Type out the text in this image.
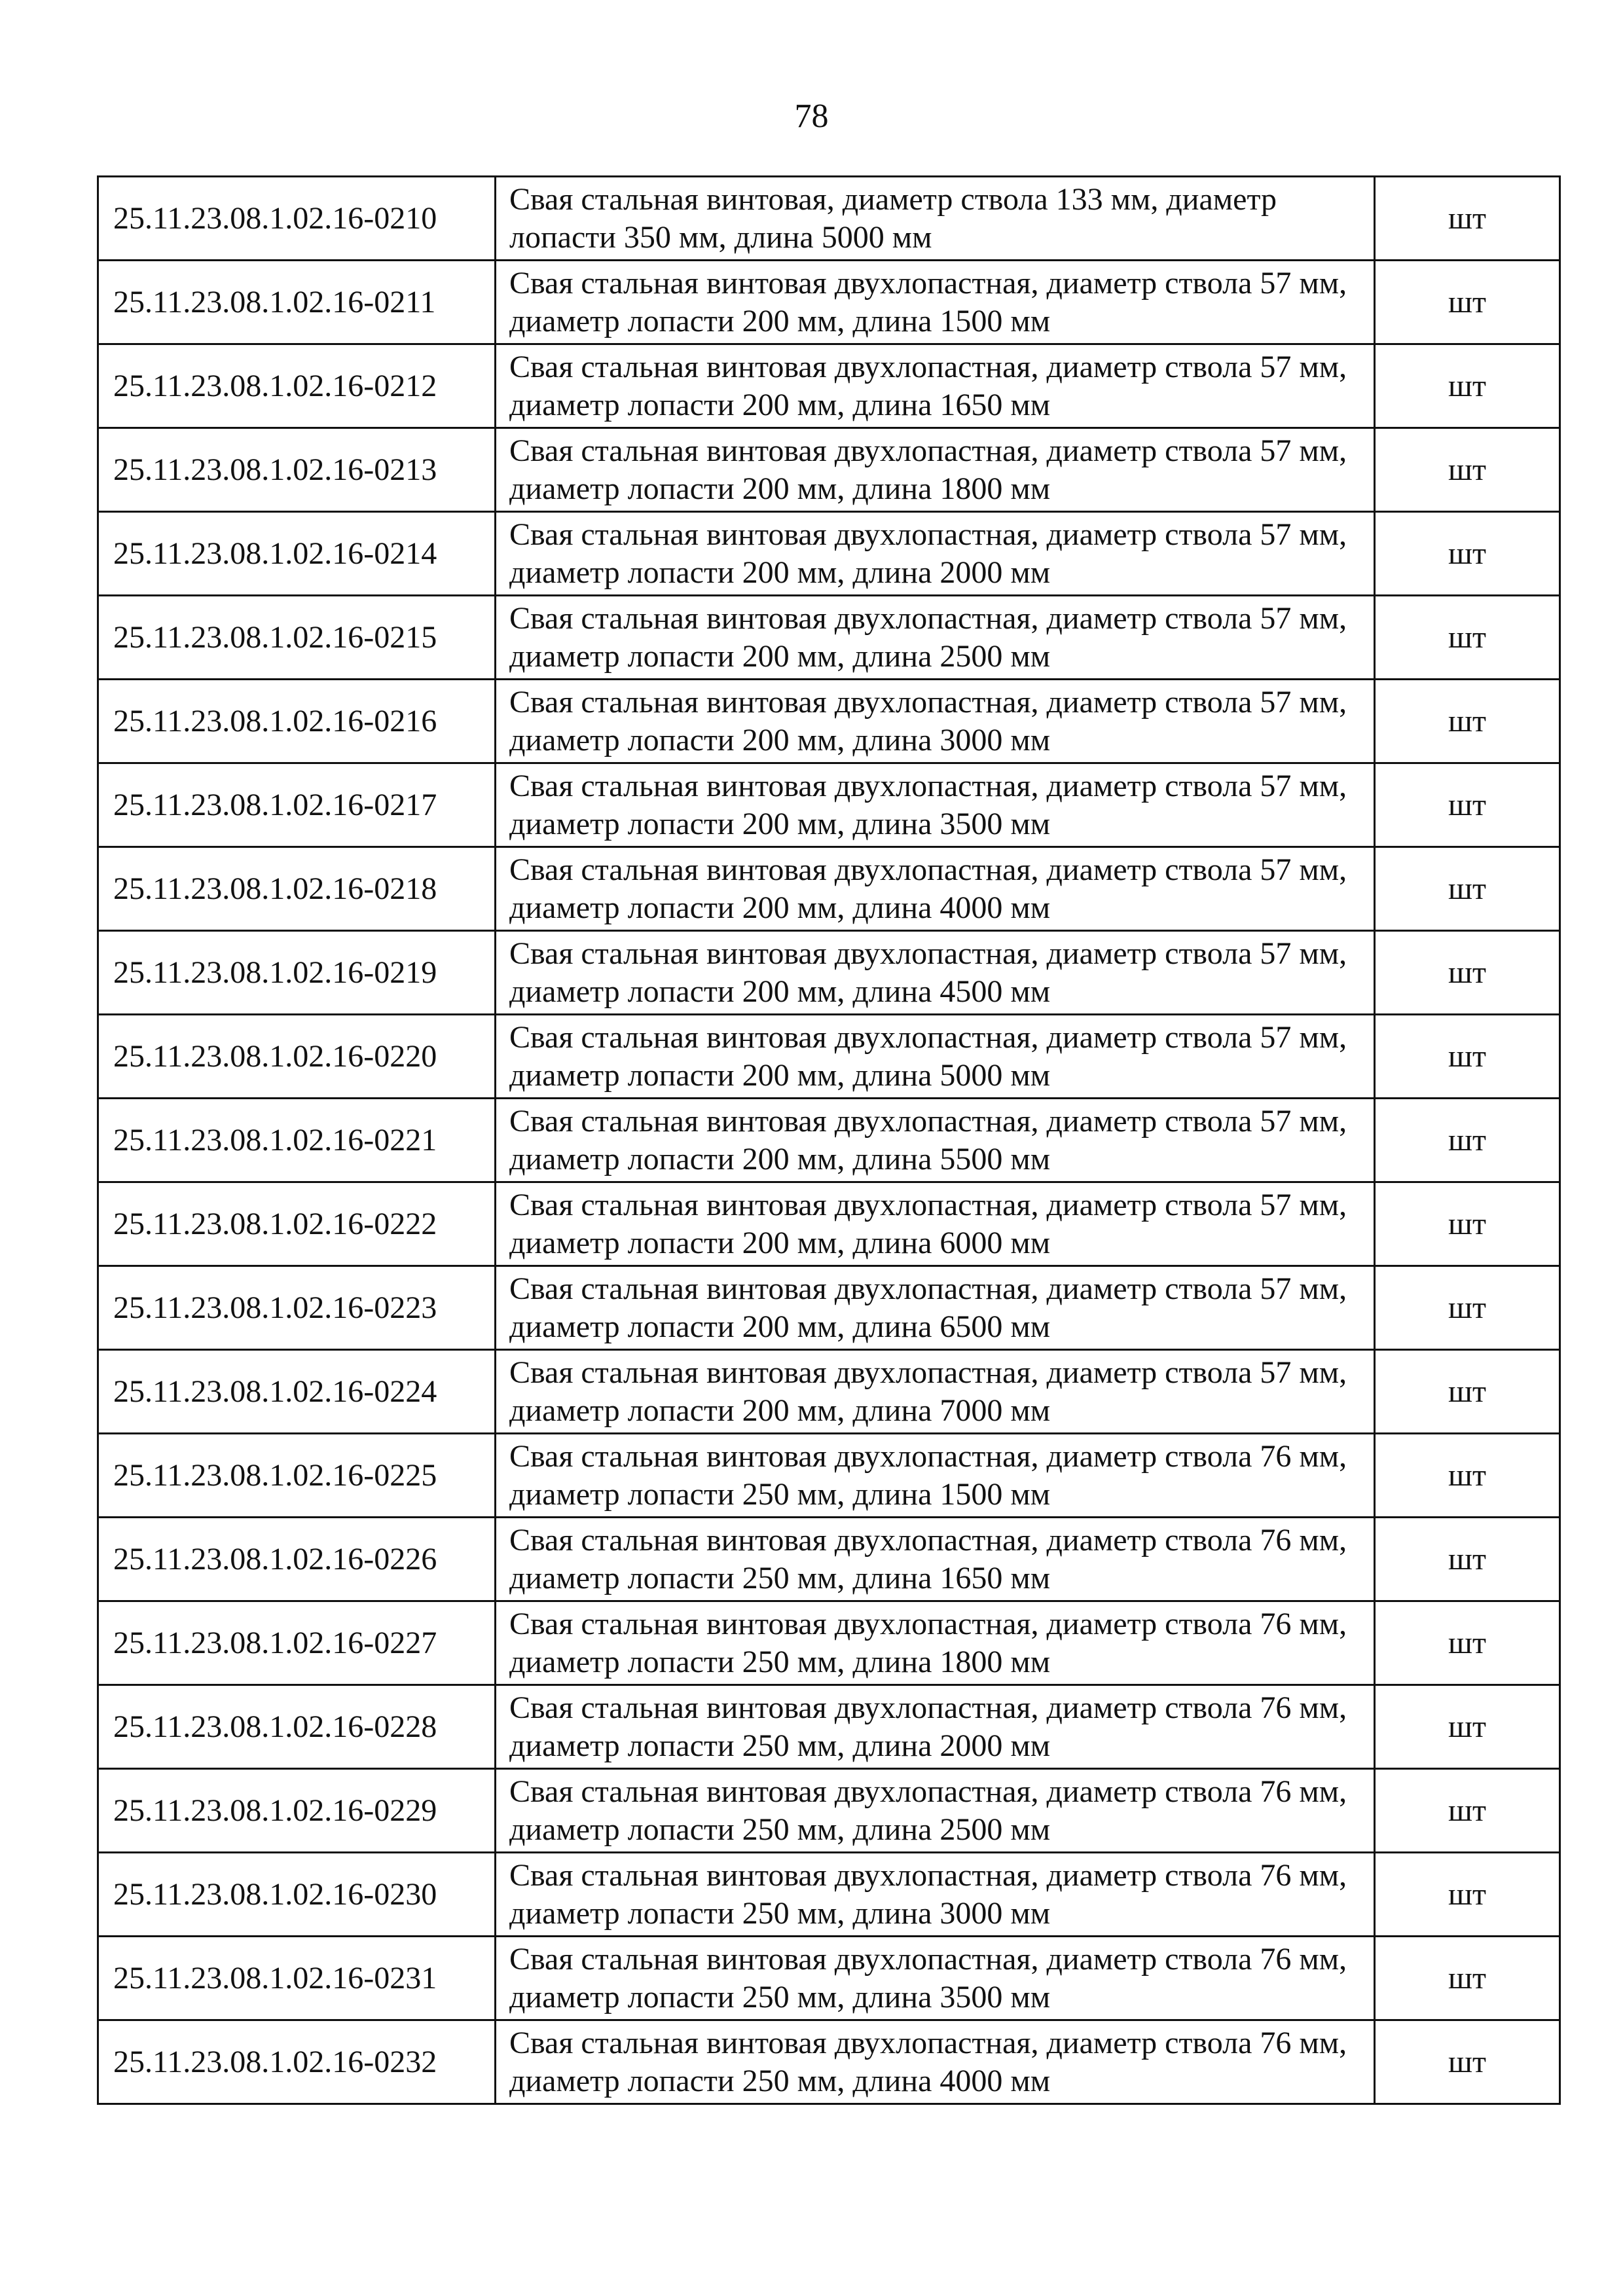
78
25.11.23.08.1.02.16-0210	Свая стальная винтовая, диаметр ствола 133 мм, диаметр лопасти 350 мм, длина 5000 мм	шт
25.11.23.08.1.02.16-0211	Свая стальная винтовая двухлопастная, диаметр ствола 57 мм, диаметр лопасти 200 мм, длина 1500 мм	шт
25.11.23.08.1.02.16-0212	Свая стальная винтовая двухлопастная, диаметр ствола 57 мм, диаметр лопасти 200 мм, длина 1650 мм	шт
25.11.23.08.1.02.16-0213	Свая стальная винтовая двухлопастная, диаметр ствола 57 мм, диаметр лопасти 200 мм, длина 1800 мм	шт
25.11.23.08.1.02.16-0214	Свая стальная винтовая двухлопастная, диаметр ствола 57 мм, диаметр лопасти 200 мм, длина 2000 мм	шт
25.11.23.08.1.02.16-0215	Свая стальная винтовая двухлопастная, диаметр ствола 57 мм, диаметр лопасти 200 мм, длина 2500 мм	шт
25.11.23.08.1.02.16-0216	Свая стальная винтовая двухлопастная, диаметр ствола 57 мм, диаметр лопасти 200 мм, длина 3000 мм	шт
25.11.23.08.1.02.16-0217	Свая стальная винтовая двухлопастная, диаметр ствола 57 мм, диаметр лопасти 200 мм, длина 3500 мм	шт
25.11.23.08.1.02.16-0218	Свая стальная винтовая двухлопастная, диаметр ствола 57 мм, диаметр лопасти 200 мм, длина 4000 мм	шт
25.11.23.08.1.02.16-0219	Свая стальная винтовая двухлопастная, диаметр ствола 57 мм, диаметр лопасти 200 мм, длина 4500 мм	шт
25.11.23.08.1.02.16-0220	Свая стальная винтовая двухлопастная, диаметр ствола 57 мм, диаметр лопасти 200 мм, длина 5000 мм	шт
25.11.23.08.1.02.16-0221	Свая стальная винтовая двухлопастная, диаметр ствола 57 мм, диаметр лопасти 200 мм, длина 5500 мм	шт
25.11.23.08.1.02.16-0222	Свая стальная винтовая двухлопастная, диаметр ствола 57 мм, диаметр лопасти 200 мм, длина 6000 мм	шт
25.11.23.08.1.02.16-0223	Свая стальная винтовая двухлопастная, диаметр ствола 57 мм, диаметр лопасти 200 мм, длина 6500 мм	шт
25.11.23.08.1.02.16-0224	Свая стальная винтовая двухлопастная, диаметр ствола 57 мм, диаметр лопасти 200 мм, длина 7000 мм	шт
25.11.23.08.1.02.16-0225	Свая стальная винтовая двухлопастная, диаметр ствола 76 мм, диаметр лопасти 250 мм, длина 1500 мм	шт
25.11.23.08.1.02.16-0226	Свая стальная винтовая двухлопастная, диаметр ствола 76 мм, диаметр лопасти 250 мм, длина 1650 мм	шт
25.11.23.08.1.02.16-0227	Свая стальная винтовая двухлопастная, диаметр ствола 76 мм, диаметр лопасти 250 мм, длина 1800 мм	шт
25.11.23.08.1.02.16-0228	Свая стальная винтовая двухлопастная, диаметр ствола 76 мм, диаметр лопасти 250 мм, длина 2000 мм	шт
25.11.23.08.1.02.16-0229	Свая стальная винтовая двухлопастная, диаметр ствола 76 мм, диаметр лопасти 250 мм, длина 2500 мм	шт
25.11.23.08.1.02.16-0230	Свая стальная винтовая двухлопастная, диаметр ствола 76 мм, диаметр лопасти 250 мм, длина 3000 мм	шт
25.11.23.08.1.02.16-0231	Свая стальная винтовая двухлопастная, диаметр ствола 76 мм, диаметр лопасти 250 мм, длина 3500 мм	шт
25.11.23.08.1.02.16-0232	Свая стальная винтовая двухлопастная, диаметр ствола 76 мм, диаметр лопасти 250 мм, длина 4000 мм	шт
